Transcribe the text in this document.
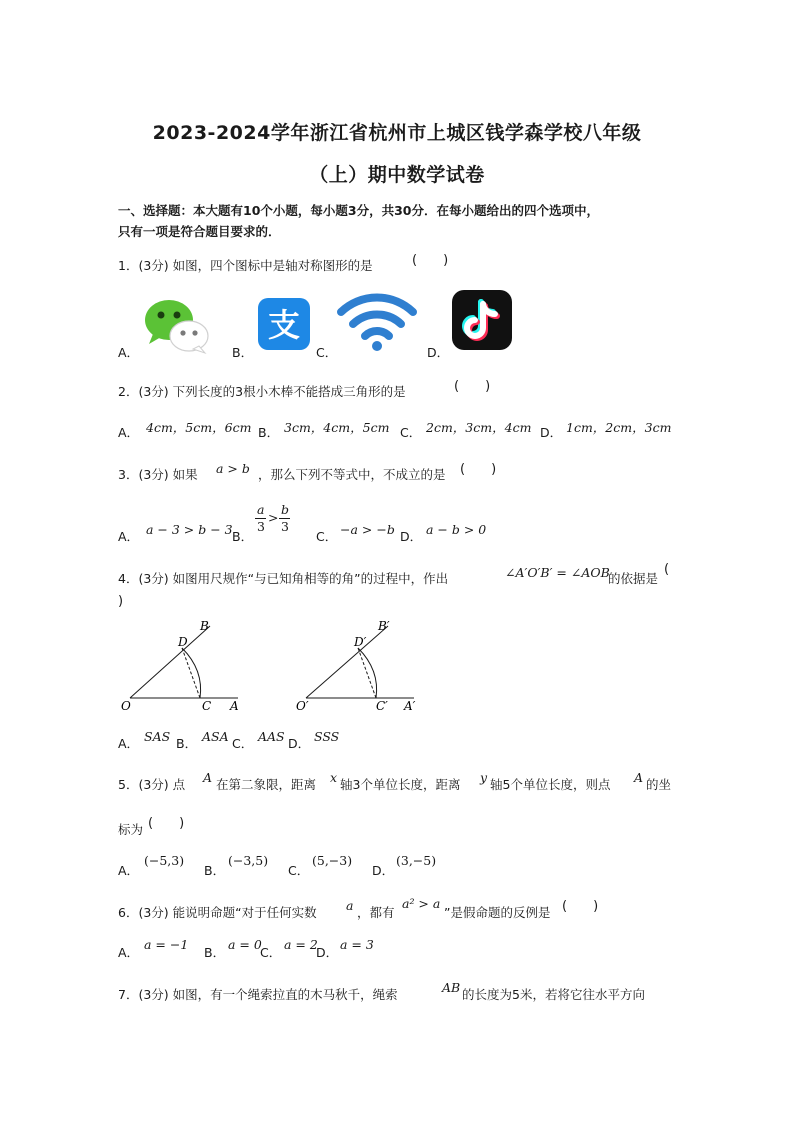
2023-2024学年浙江省杭州市上城区钱学森学校八年级
（上）期中数学试卷
一、选择题：本大题有10个小题，每小题3分，共30分．在每小题给出的四个选项中，
只有一项是符合题目要求的．
1．(3分) 如图，四个图标中是轴对称图形的是	(　　)
A．	B．
支
C．	D．
2．(3分) 下列长度的3根小木棒不能搭成三角形的是	(　　)
A． 4cm，5cm，6cm B． 3cm，4cm，5cm C． 2cm，3cm，4cm D． 1cm，2cm，3cm
3．(3分) 如果 a > b ，那么下列不等式中，不成立的是 (　　)
A． a − 3 > b − 3 B．
a
3
>
b
3
C． −a > −b D． a − b > 0
4．(3分) 如图用尺规作“与已知角相等的角”的过程中，作出	∠A′O′B′ = ∠AOB
的依据是
(
)
B
D
O	C A
B′
D′
O′	C′ A′
A． SAS B． ASA C． AAS D． SSS
5．(3分) 点 A 在第二象限，距离 x 轴3个单位长度，距离 y 轴5个单位长度，则点 A 的坐
标为 (　　)
A．
(−5,3)
B．
(−3,5)
C．
(5,−3)
D．
(3,−5)
6．(3分) 能说明命题“对于任何实数 a ，都有
a² > a
”是假命题的反例是 (　　)
A．
a = −1
B．
a = 0
C．
a = 2
D．
a = 3
7．(3分) 如图，有一个绳索拉直的木马秋千，绳索	AB 的长度为5米，若将它往水平方向
